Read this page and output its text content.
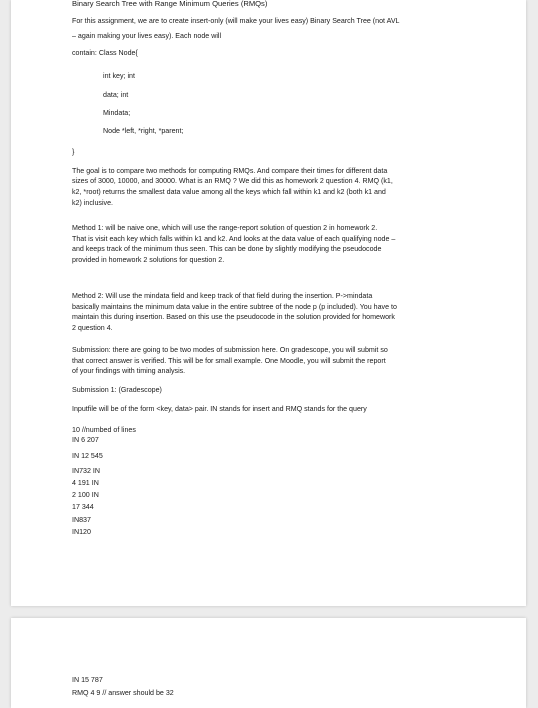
Binary Search Tree with Range Minimum Queries (RMQs)

For this assignment, we are to create insert-only (will make your lives easy) Binary Search Tree (not AVL

– again making your lives easy). Each node will

contain: Class Node{

int key; int

data; int

Mindata;

Node *left, *right, *parent;

}

The goal is to compare two methods for computing RMQs. And compare their times for different data

sizes of 3000, 10000, and 30000. What is an RMQ ? We did this as homework 2 question 4. RMQ (k1,

k2, *root) returns the smallest data value among all the keys which fall within k1 and k2 (both k1 and

k2) inclusive.

Method 1: will be naive one, which will use the range-report solution of question 2 in homework 2.

That is visit each key which falls within k1 and k2. And looks at the data value of each qualifying node –

and keeps track of the minimum thus seen. This can be done by slightly modifying the pseudocode

provided in homework 2 solutions for question 2.

Method 2: Will use the mindata field and keep track of that field during the insertion. P->mindata

basically maintains the minimum data value in the entire subtree of the node p (p included). You have to

maintain this during insertion. Based on this use the pseudocode in the solution provided for homework

2 question 4.

Submission: there are going to be two modes of submission here. On gradescope, you will submit so

that correct answer is verified. This will be for small example. One Moodle, you will submit the report

of your findings with timing analysis.

Submission 1: (Gradescope)

Inputfile will be of the form <key, data> pair. IN stands for insert and RMQ stands for the query

10 //numbed of lines

IN 6 207

IN 12 545

IN732 IN

4 191 IN

2 100 IN

17 344

IN837

IN120

IN 15 787

RMQ 4 9 // answer should be 32
